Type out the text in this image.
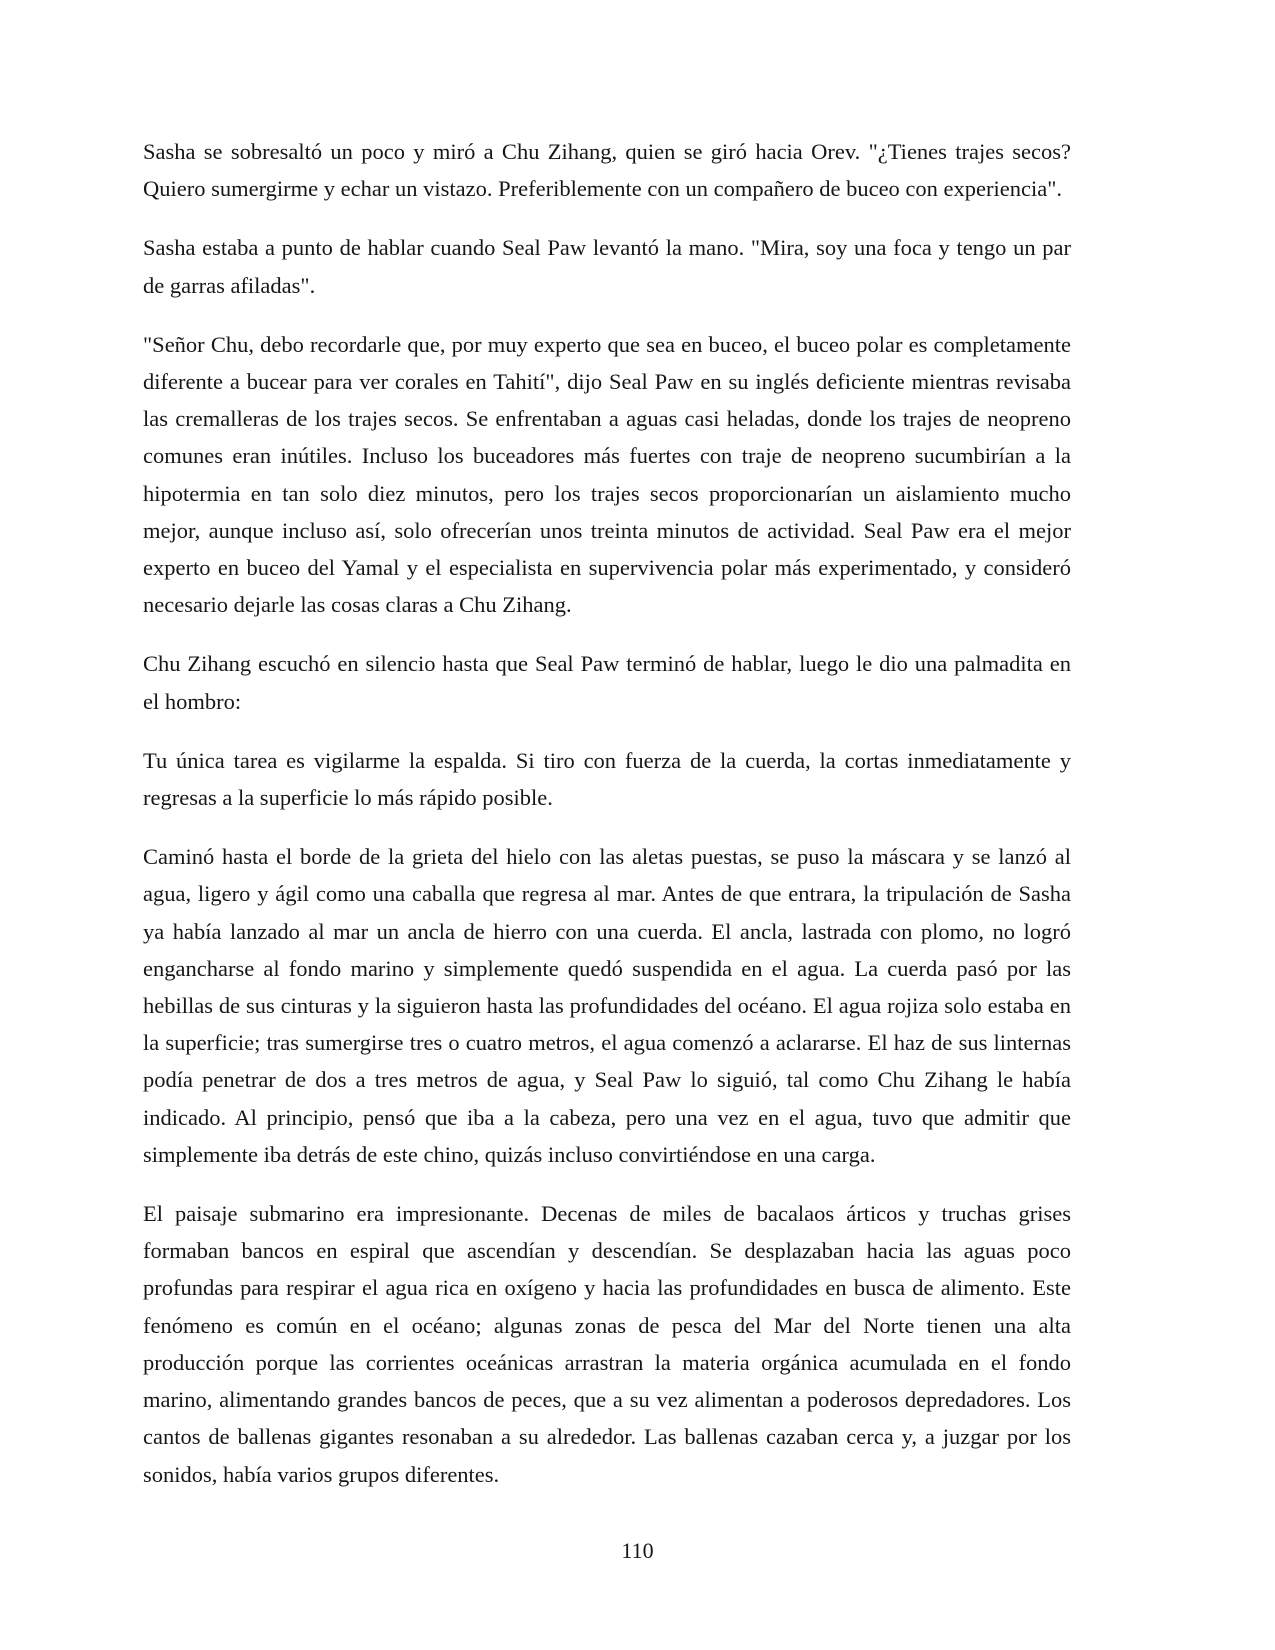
Sasha se sobresaltó un poco y miró a Chu Zihang, quien se giró hacia Orev. "¿Tienes trajes secos? Quiero sumergirme y echar un vistazo. Preferiblemente con un compañero de buceo con experiencia".

Sasha estaba a punto de hablar cuando Seal Paw levantó la mano. "Mira, soy una foca y tengo un par de garras afiladas".

"Señor Chu, debo recordarle que, por muy experto que sea en buceo, el buceo polar es completamente diferente a bucear para ver corales en Tahití", dijo Seal Paw en su inglés deficiente mientras revisaba las cremalleras de los trajes secos. Se enfrentaban a aguas casi heladas, donde los trajes de neopreno comunes eran inútiles. Incluso los buceadores más fuertes con traje de neopreno sucumbirían a la hipotermia en tan solo diez minutos, pero los trajes secos proporcionarían un aislamiento mucho mejor, aunque incluso así, solo ofrecerían unos treinta minutos de actividad. Seal Paw era el mejor experto en buceo del Yamal y el especialista en supervivencia polar más experimentado, y consideró necesario dejarle las cosas claras a Chu Zihang.

Chu Zihang escuchó en silencio hasta que Seal Paw terminó de hablar, luego le dio una palmadita en el hombro:

Tu única tarea es vigilarme la espalda. Si tiro con fuerza de la cuerda, la cortas inmediatamente y regresas a la superficie lo más rápido posible.

Caminó hasta el borde de la grieta del hielo con las aletas puestas, se puso la máscara y se lanzó al agua, ligero y ágil como una caballa que regresa al mar. Antes de que entrara, la tripulación de Sasha ya había lanzado al mar un ancla de hierro con una cuerda. El ancla, lastrada con plomo, no logró engancharse al fondo marino y simplemente quedó suspendida en el agua. La cuerda pasó por las hebillas de sus cinturas y la siguieron hasta las profundidades del océano. El agua rojiza solo estaba en la superficie; tras sumergirse tres o cuatro metros, el agua comenzó a aclararse. El haz de sus linternas podía penetrar de dos a tres metros de agua, y Seal Paw lo siguió, tal como Chu Zihang le había indicado. Al principio, pensó que iba a la cabeza, pero una vez en el agua, tuvo que admitir que simplemente iba detrás de este chino, quizás incluso convirtiéndose en una carga.

El paisaje submarino era impresionante. Decenas de miles de bacalaos árticos y truchas grises formaban bancos en espiral que ascendían y descendían. Se desplazaban hacia las aguas poco profundas para respirar el agua rica en oxígeno y hacia las profundidades en busca de alimento. Este fenómeno es común en el océano; algunas zonas de pesca del Mar del Norte tienen una alta producción porque las corrientes oceánicas arrastran la materia orgánica acumulada en el fondo marino, alimentando grandes bancos de peces, que a su vez alimentan a poderosos depredadores. Los cantos de ballenas gigantes resonaban a su alrededor. Las ballenas cazaban cerca y, a juzgar por los sonidos, había varios grupos diferentes.

110
